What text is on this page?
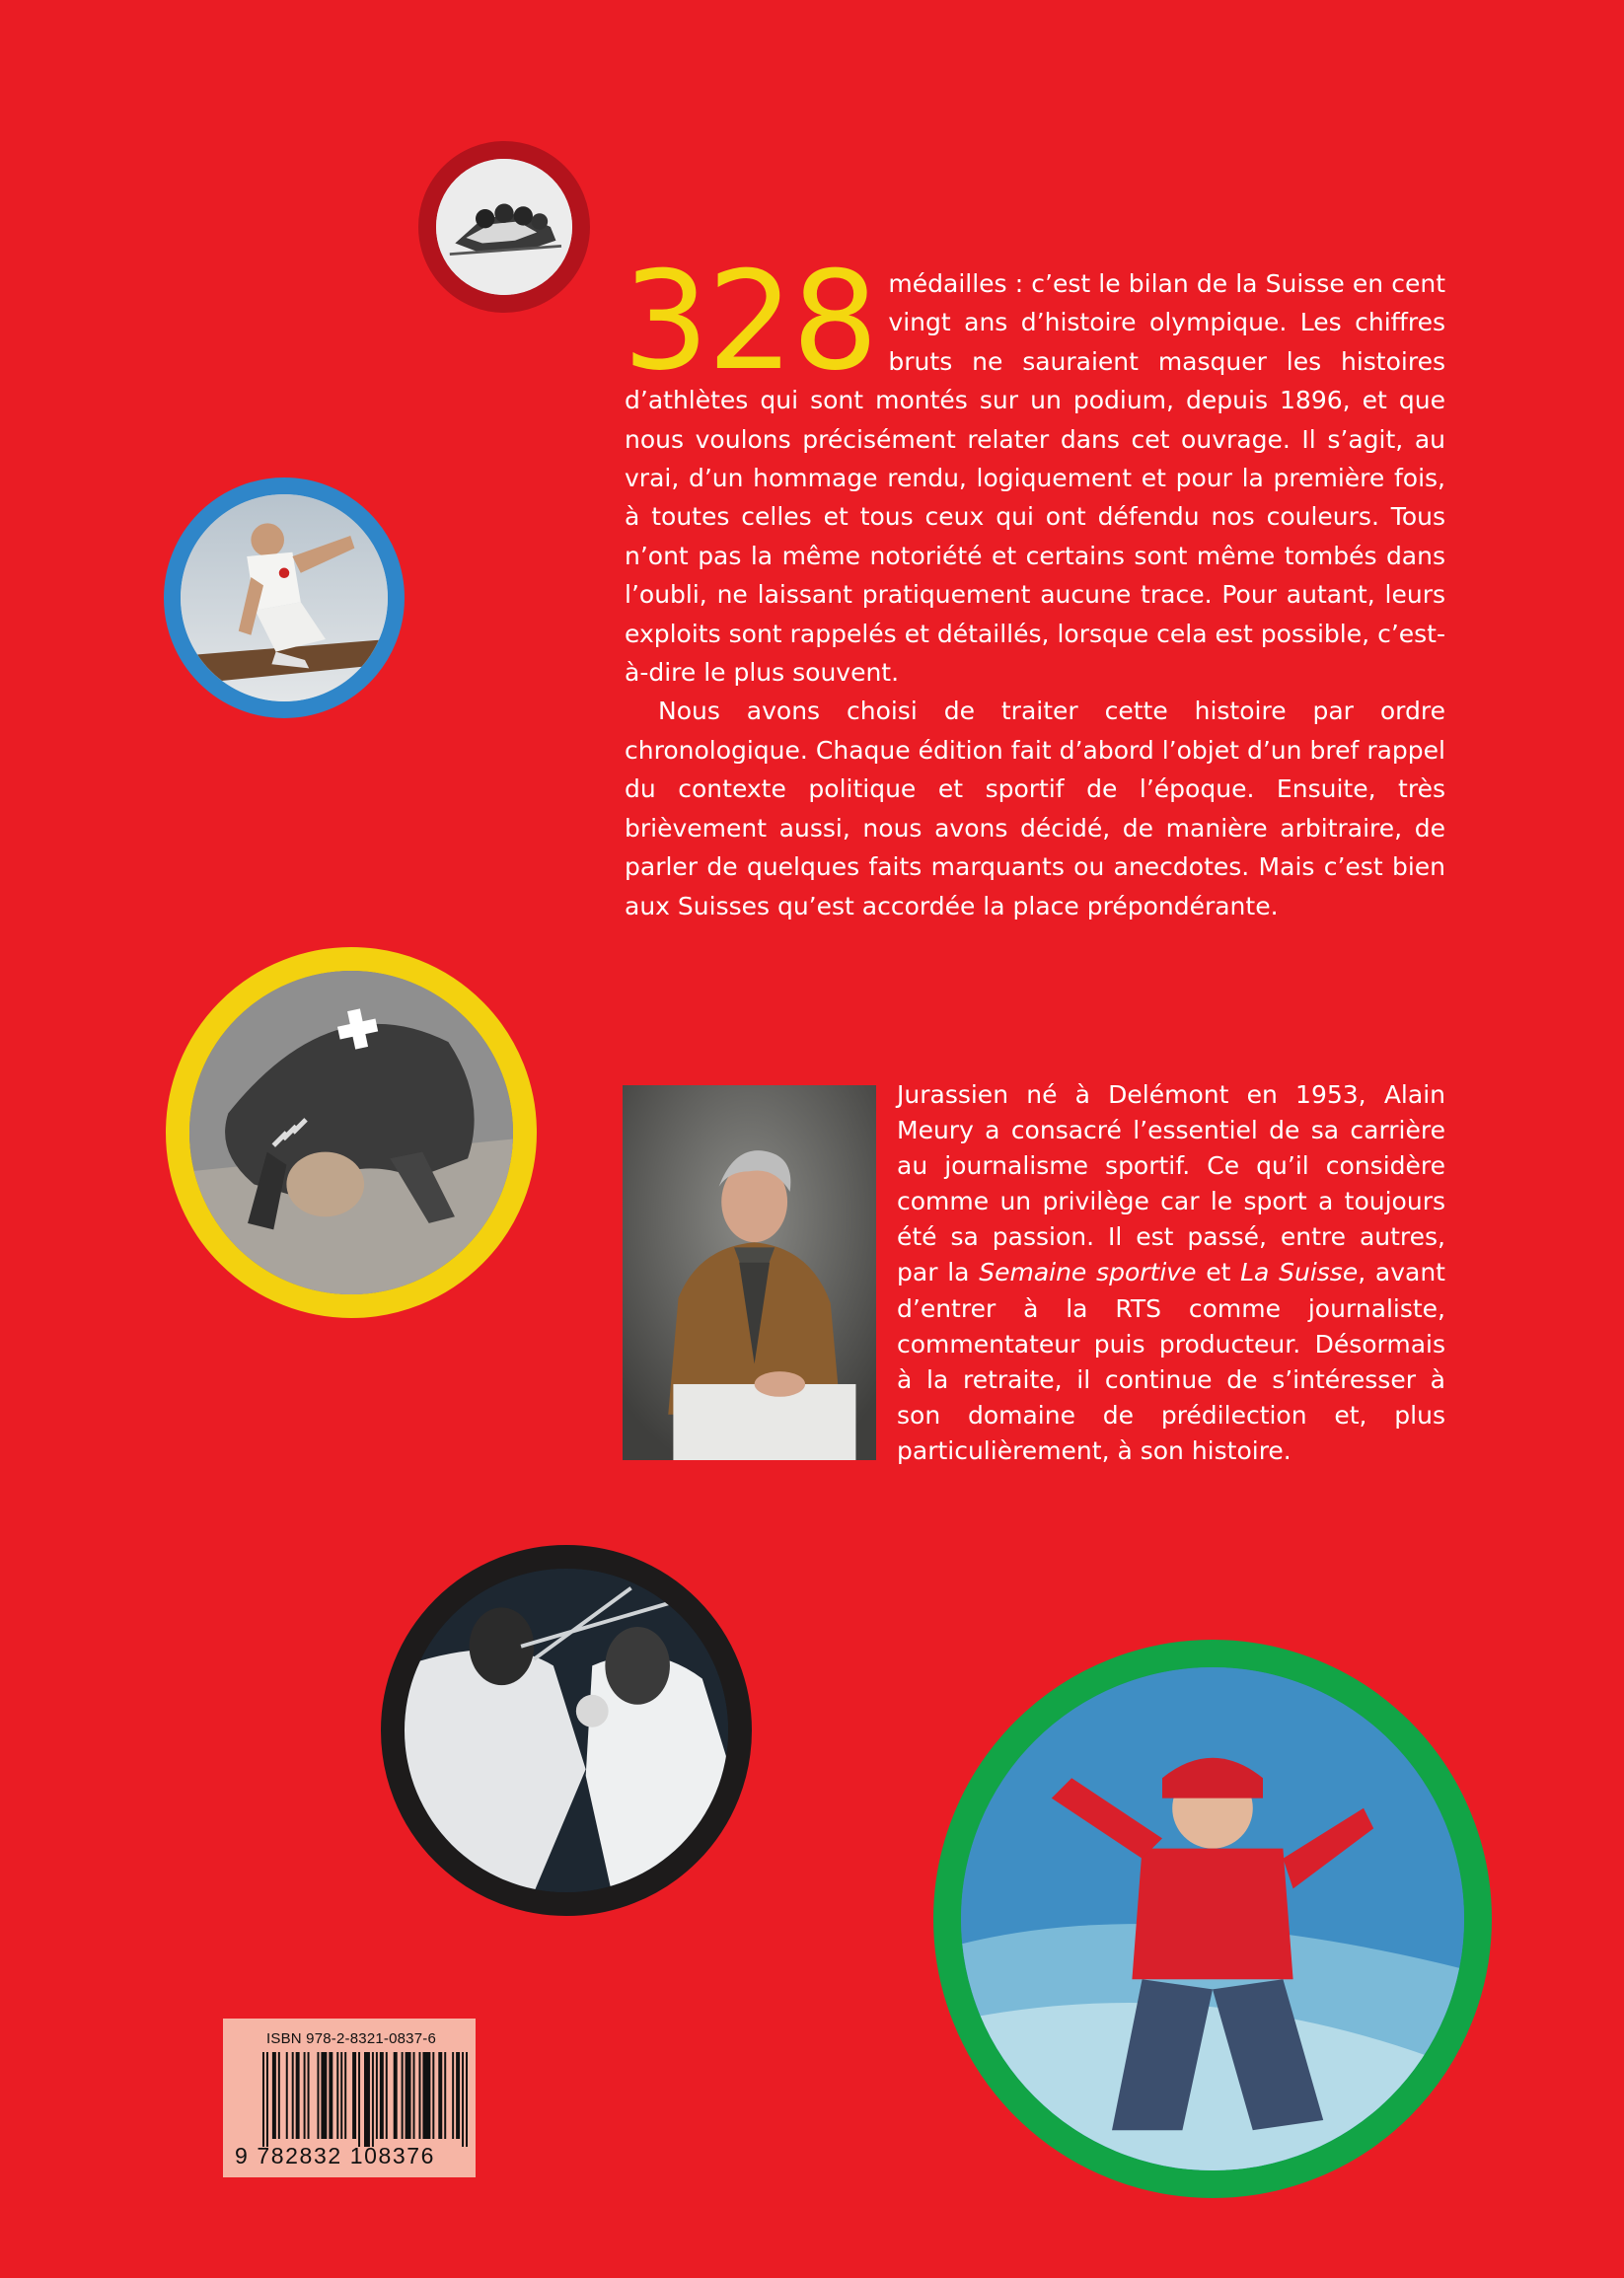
328 médailles : c’est le bilan de la Suisse en cent vingt ans d’histoire olympique. Les chiffres bruts ne sauraient masquer les histoires d’athlètes qui sont montés sur un podium, depuis 1896, et que nous voulons précisément relater dans cet ouvrage. Il s’agit, au vrai, d’un hommage rendu, logiquement et pour la première fois, à toutes celles et tous ceux qui ont défendu nos couleurs. Tous n’ont pas la même notoriété et certains sont même tombés dans l’oubli, ne laissant pratiquement aucune trace. Pour autant, leurs exploits sont rappelés et détaillés, lorsque cela est possible, c’est-à-dire le plus souvent.

Nous avons choisi de traiter cette histoire par ordre chronologique. Chaque édition fait d’abord l’objet d’un bref rappel du contexte politique et sportif de l’époque. Ensuite, très brièvement aussi, nous avons décidé, de manière arbitraire, de parler de quelques faits marquants ou anecdotes. Mais c’est bien aux Suisses qu’est accordée la place prépondérante.

Jurassien né à Delémont en 1953, Alain Meury a consacré l’essentiel de sa carrière au journalisme sportif. Ce qu’il considère comme un privilège car le sport a toujours été sa passion. Il est passé, entre autres, par la Semaine sportive et La Suisse, avant d’entrer à la RTS comme journaliste, commentateur puis producteur. Désormais à la retraite, il continue de s’intéresser à son domaine de prédilection et, plus particulièrement, à son histoire.

ISBN 978-2-8321-0837-6
9 782832 108376
